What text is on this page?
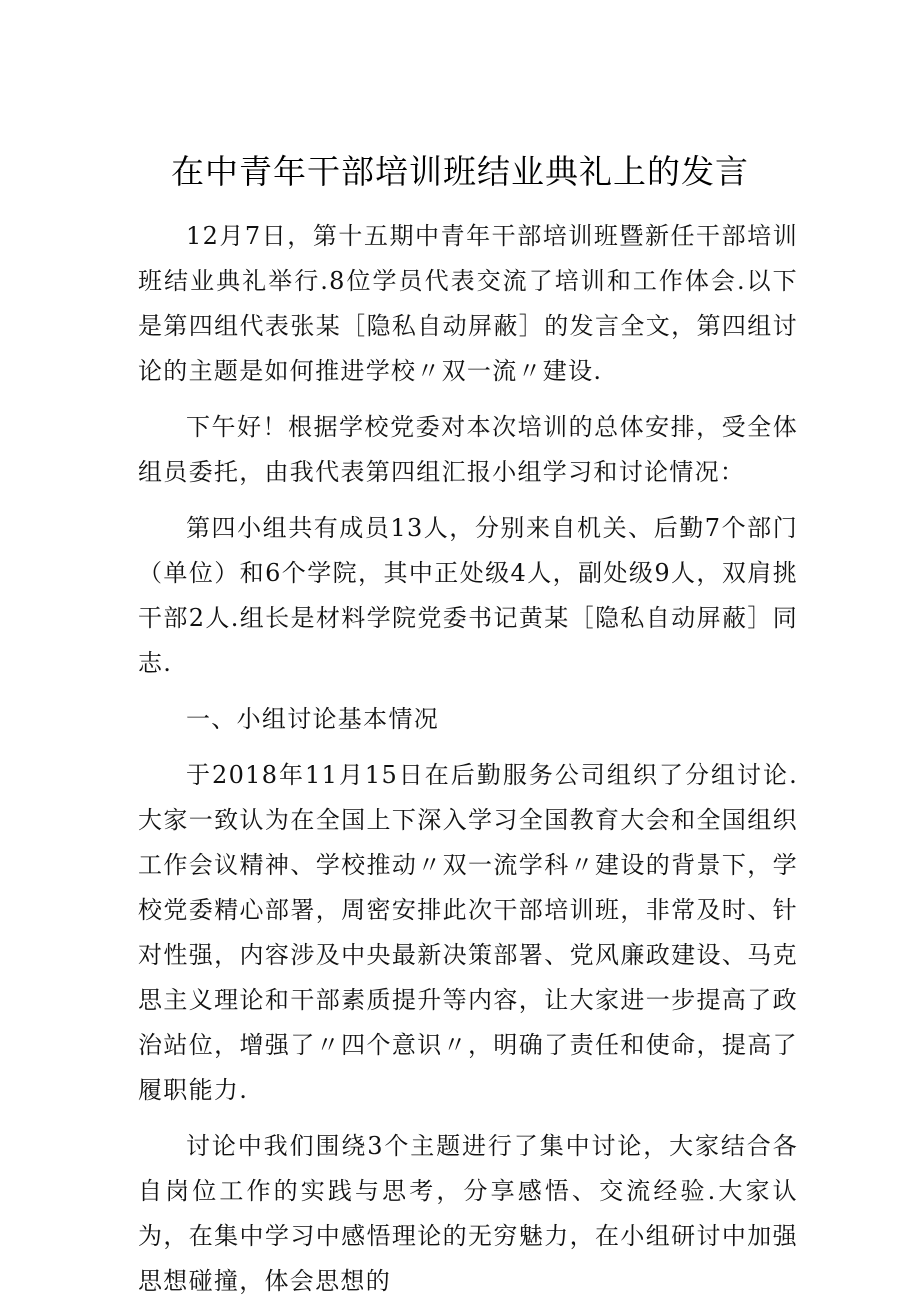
在中青年干部培训班结业典礼上的发言

12月7日，第十五期中青年干部培训班暨新任干部培训班结业典礼举行.8位学员代表交流了培训和工作体会.以下是第四组代表张某［隐私自动屏蔽］的发言全文，第四组讨论的主题是如何推进学校〃双一流〃建设.

下午好！根据学校党委对本次培训的总体安排，受全体组员委托，由我代表第四组汇报小组学习和讨论情况：

第四小组共有成员13人，分别来自机关、后勤7个部门（单位）和6个学院，其中正处级4人，副处级9人，双肩挑干部2人.组长是材料学院党委书记黄某［隐私自动屏蔽］同志.

一、小组讨论基本情况

于2018年11月15日在后勤服务公司组织了分组讨论.大家一致认为在全国上下深入学习全国教育大会和全国组织工作会议精神、学校推动〃双一流学科〃建设的背景下，学校党委精心部署，周密安排此次干部培训班，非常及时、针对性强，内容涉及中央最新决策部署、党风廉政建设、马克思主义理论和干部素质提升等内容，让大家进一步提高了政治站位，增强了〃四个意识〃，明确了责任和使命，提高了履职能力.

讨论中我们围绕3个主题进行了集中讨论，大家结合各自岗位工作的实践与思考，分享感悟、交流经验.大家认为，在集中学习中感悟理论的无穷魅力，在小组研讨中加强思想碰撞，体会思想的
